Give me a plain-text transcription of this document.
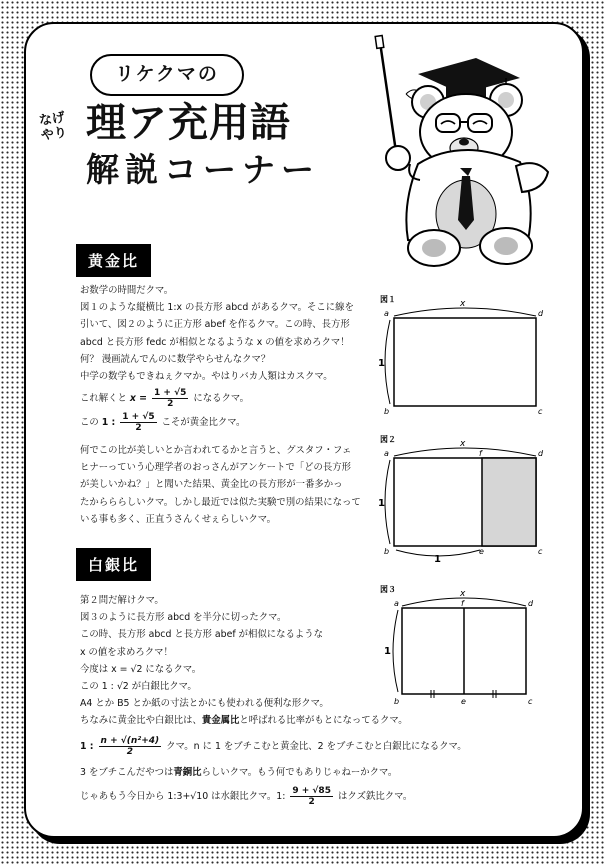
リケクマの
なげ
やり 理ア充用語
解説コーナー
黄金比

お数学の時間だクマ。

図１のような縦横比 1:x の長方形 abcd があるクマ。そこに線を

引いて、図２のように正方形 abef を作るクマ。この時、長方形

abcd と長方形 fedc が相似となるような x の値を求めろクマ！

何？ 漫画読んでんのに数学やらせんなクマ？

中学の数学もできねぇクマか。やはりバカ人類はカスクマ。

これ解くと $x = \frac{1 + √5}{2}$ になるクマ。
この 1 : $\frac{1 + √5}{2}$ こそが黄金比クマ。

何でこの比が美しいとか言われてるかと言うと、グスタフ・フェ

ヒナーっていう心理学者のおっさんがアンケートで「どの長方形

が美しいかね？」と聞いた結果、黄金比の長方形が一番多かっ

たからららしいクマ。しかし最近では似た実験で別の結果になって

いる事も多く、正直うさんくせぇらしいクマ。

白銀比

第２問だ解けクマ。

図３のように長方形 abcd を半分に切ったクマ。

この時、長方形 abcd と長方形 abef が相似になるような

x の値を求めろクマ！

今度は x = √2 になるクマ。

この 1 : √2 が白銀比クマ。

A4 とか B5 とか紙の寸法とかにも使われる便利な形クマ。

ちなみに黄金比や白銀比は、貴金属比と呼ばれる比率がもとになってるクマ。

1 : $\frac{\text{n + √(n²+4)}}{2}$ クマ。n に 1 をブチこむと黄金比、2 をブチこむと白銀比になるクマ。
3 をブチこんだやつは青銅比らしいクマ。もう何でもありじゃねーかクマ。
じゃあもう今日から 1:3+√10 は水銀比クマ。1: $\frac{9 + √85}{2}$ はクズ鉄比クマ。
図１	x
1
a	d
b	c
図２	x
1
1
a	f	d
b	e	c
図３	x
1
a	f	d
b	e	c
